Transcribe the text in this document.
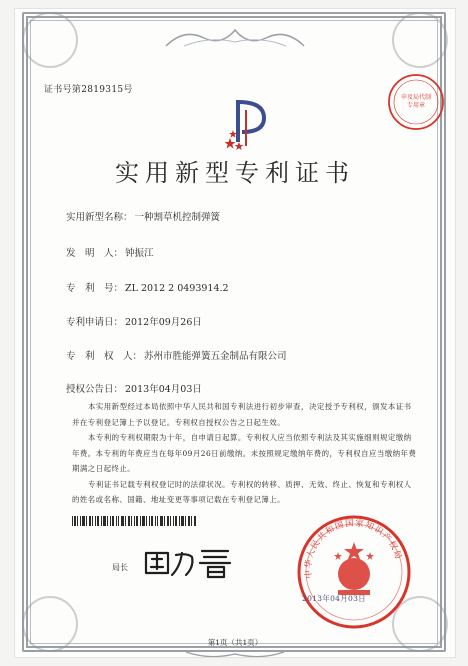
证书号第2819315号
申及局代制专用章
实用新型专利证书
实用新型名称： 一种割草机控制弹簧
发　明　人： 钟振江
专　利　号： ZL 2012 2 0493914.2
专利申请日： 2012年09月26日
专　利　权　人： 苏州市胜能弹簧五金制品有限公司
授权公告日： 2013年04月03日

本实用新型经过本局依照中华人民共和国专利法进行初步审查，决定授予专利权，颁发本证书并在专利登记簿上予以登记。专利权自授权公告之日起生效。

本专利的专利权期限为十年，自申请日起算。专利权人应当依照专利法及其实施细则规定缴纳年费。本专利的年费应当在每年09月26日前缴纳。未按照规定缴纳年费的，专利权自应当缴纳年费期满之日起终止。

专利证书记载专利权登记时的法律状况。专利权的转移、质押、无效、终止、恢复和专利权人的姓名或名称、国籍、地址变更等事项记载在专利登记簿上。

局长
中华人民共和国国家知识产权局
2013年04月03日
第1页（共1页）
